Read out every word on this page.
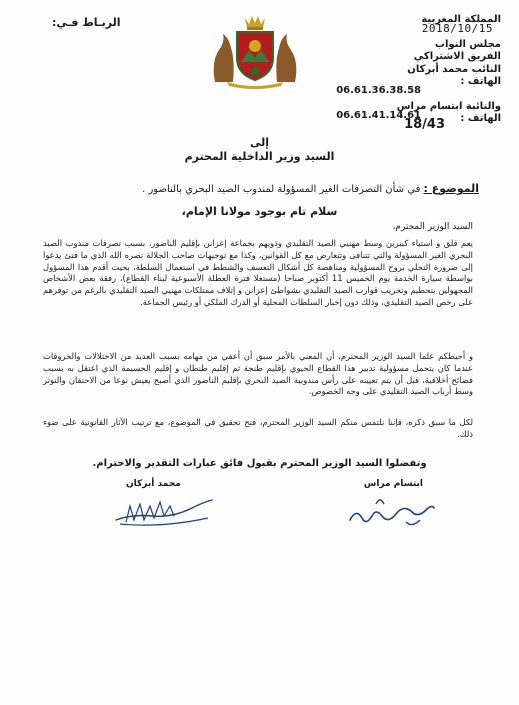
المملكة المغربية
مجلس النواب
الفريق الاشتراكي
النائب محمد أبركان
الهاتف :
والنائبة ابتسام مراس
الهاتف :
2018/10/15
06.61.36.38.58
06.61.41.14.61
18/43
الربـاط فـي:
إلى
السيد وزير الداخلية المحترم
الموضوع : في شأن التصرفات الغير المسؤولة لمندوب الصيد البحري بالناضور .
سلام تام بوجود مولانا الإمام،
السيد الوزير المحترم،
يعم قلق و استياء كبيرين وسط مهنيي الصيد التقليدي وذويهم بجماعة إعزانن بإقليم الناضور، بسبب تصرفات مندوب الصيد البحري الغير المسؤولة والتي تتنافى وتتعارض مع كل القوانين، وكذا مع توجيهات صاحب الجلالة نصره الله الذي ما فتئ يدعوا إلى ضرورة التحلي بروح المسؤولية ومناهضة كل أشكال التعسف والشطط في استعمال السلطة، بحيث أقدم هذا المسؤول بواسطة سيارة الخدمة يوم الخميس 11 أكتوبر صباحا (مستغلا فترة العطلة الأسبوعية لبناء القطاع)، رفقة بعض الأشخاص المجهولين بتحطيم وتخريب قوارب الصيد التقليدي بشواطئ إعزانن و إتلاف ممتلكات مهنيي الصيد التقليدي بالرغم من توفرهم على رخص الصيد التقليدي، وذلك دون إخبار السلطات المحلية أو الدرك الملكي أو رئيس الجماعة.
و أحيطكم علما السيد الوزير المحترم، أن المعني بالأمر سبق أن أعفي من مهامه بسبب العديد من الاختلالات والخروقات عندما كان يتحمل مسؤولية تدبير هذا القطاع الحيوي بإقليم طنجة ثم إقليم طنطان و إقليم الحسيمة الذي اعتقل به بسبب فضائح أخلاقية، قبل أن يتم تعيينه على رأس مندوبية الصيد البحري بإقليم الناضور الذي أصبح يعيش نوعا من الاحتقان والتوتر وسط أرباب الصيد التقليدي على وجه الخصوص.
لكل ما سبق ذكره، فإننا نلتمس منكم السيد الوزير المحترم، فتح تحقيق في الموضوع، مع ترتيب الآثار القانونية على ضوء ذلك.
وتفضلوا السيد الوزير المحترم بقبول فائق عبارات التقدير والاحترام.
ابتسام مراس
محمد أبركان
